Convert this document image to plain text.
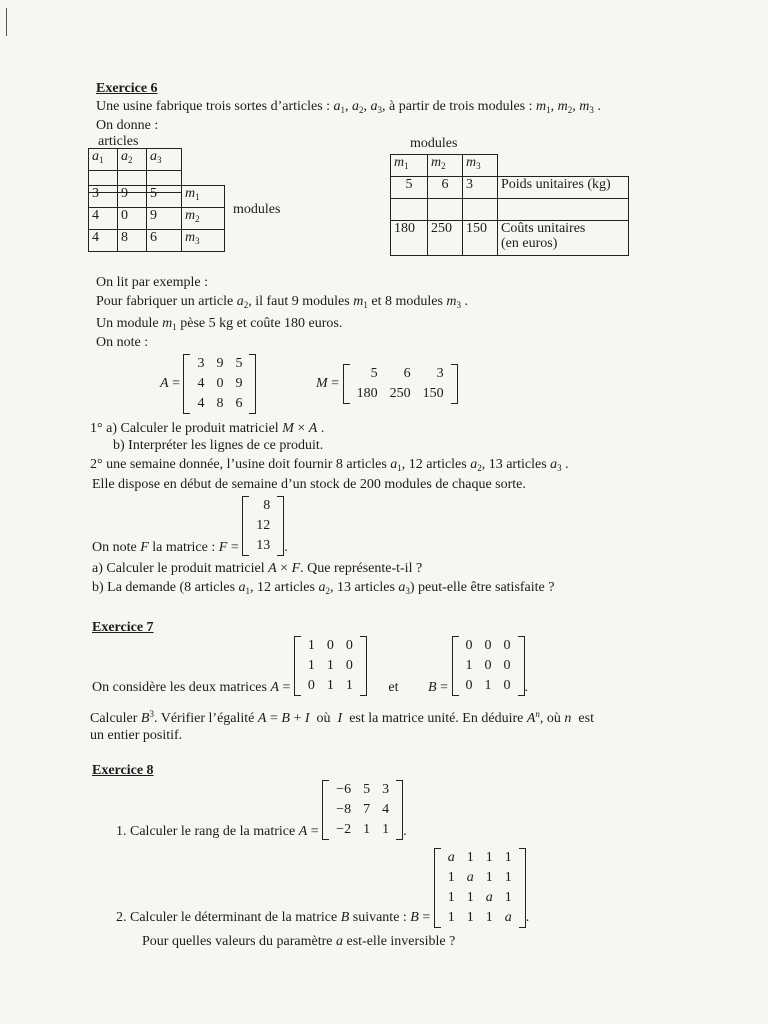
Exercice 6
Une usine fabrique trois sortes d’articles : $a_1$, $a_2$, $a_3$, à partir de trois modules : $m_1$, $m_2$, $m_3$ .
On donne :
articles	modules
$a_1$	$a_2$	$a_3$	

3	9	5	$m_1$
4	0	9	$m_2$
4	8	6	$m_3$
modules
$m_1$	$m_2$	$m_3$	
5	6	3	Poids unitaires (kg)

180	250	150	Coûts unitaires
(en euros)
On lit par exemple :
Pour fabriquer un article $a_2$, il faut 9 modules $m_1$ et 8 modules $m_3$ .
Un module $m_1$ pèse 5 kg et coûte 180 euros.
On note :
A =
3	9	5
4	0	9
4	8	6
M =
5	6	3
180	250	150
1° a) Calculer le produit matriciel M × A .
b) Interpréter les lignes de ce produit.
2° une semaine donnée, l’usine doit fournir 8 articles $a_1$, 12 articles $a_2$, 13 articles $a_3$ .
Elle dispose en début de semaine d’un stock de 200 modules de chaque sorte.
On note F la matrice : F =
8
12
13 .
a) Calculer le produit matriciel A × F. Que représente-t-il ?
b) La demande (8 articles $a_1$, 12 articles $a_2$, 13 articles $a_3$) peut-elle être satisfaite ?
Exercice 7
On considère les deux matrices A =
1	0	0
1	1	0
0	1	1	et B =
0	0	0
1	0	0
0	1	0 .
Calculer $B^3$. Vérifier l’égalité A = B + I où I est la matrice unité. En déduire $A^n$, où n est
un entier positif.
Exercice 8
1. Calculer le rang de la matrice A =
−6	5	3
−8	7	4
−2	1	1 .
2. Calculer le déterminant de la matrice B suivante : B =
a	1	1	1
1	a	1	1
1	1	a	1
1	1	1	a .
Pour quelles valeurs du paramètre a est-elle inversible ?
